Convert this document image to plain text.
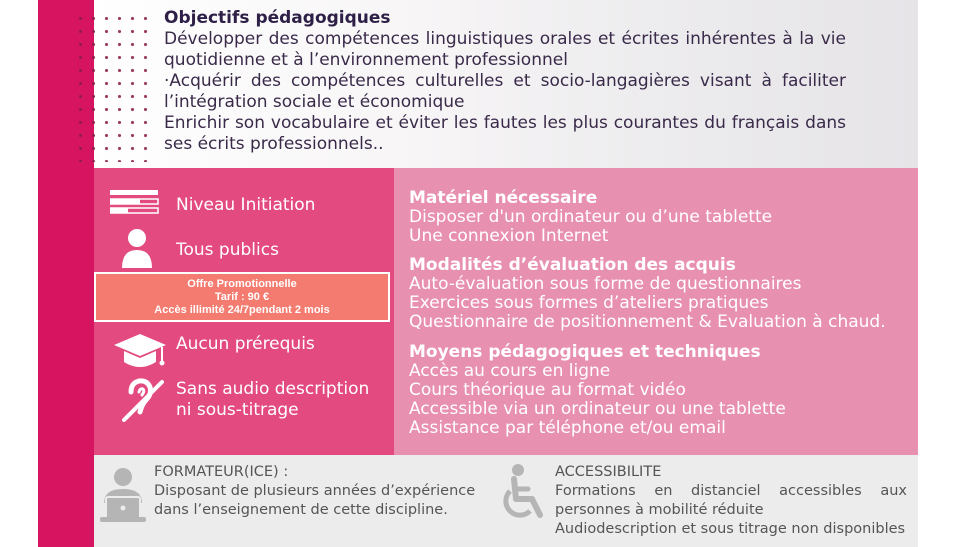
Objectifs pédagogiques

Développer des compétences linguistiques orales et écrites inhérentes à la vie quotidienne et à l’environnement professionnel

·Acquérir des compétences culturelles et socio-langagières visant à faciliter l’intégration sociale et économique

Enrichir son vocabulaire et éviter les fautes les plus courantes du français dans ses écrits professionnels..

Niveau Initiation
Tous publics
Offre Promotionnelle
Tarif : 90 €
Accès illimité 24/7pendant 2 mois
Aucun prérequis
Sans audio description
ni sous-titrage
Matériel nécessaire
Disposer d'un ordinateur ou d’une tablette
Une connexion Internet
Modalités d’évaluation des acquis
Auto-évaluation sous forme de questionnaires
Exercices sous formes d’ateliers pratiques
Questionnaire de positionnement & Evaluation à chaud.
Moyens pédagogiques et techniques
Accès au cours en ligne
Cours théorique au format vidéo
Accessible via un ordinateur ou une tablette
Assistance par téléphone et/ou email
FORMATEUR(ICE) :
Disposant de plusieurs années d’expérience
dans l’enseignement de cette discipline.
ACCESSIBILITE
Formations en distanciel accessibles aux
personnes à mobilité réduite
Audiodescription et sous titrage non disponibles
